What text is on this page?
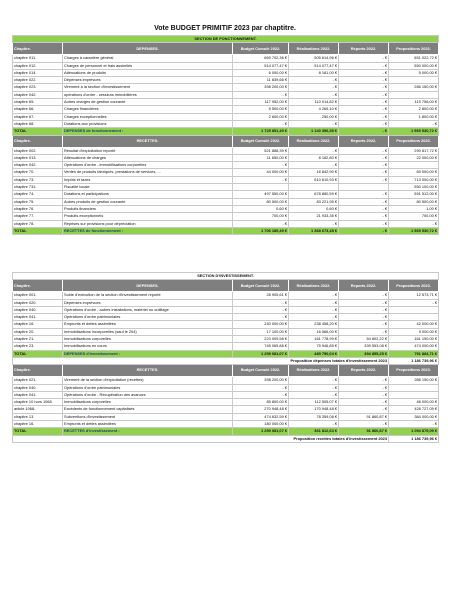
Vote BUDGET PRIMITIF 2023 par chaptitre.
SECTION DE FONCTIONNEMENT.					
Chapitre.	DEPENSES.	Budget Cumulé 2022.	Réalisations 2022.	Reports 2022.	Propositions 2023.
chapitre 011.	Charges à caractère général	669 702,36 €	505 614,96 €	- €	651 022,72 €
chapitre 012.	Charges de personnel et frais assimilés	514 077,47 €	514 077,47 €	- €	550 000,00 €
chapitre 014.	Atténuations de produits	6 000,00 €	8 181,00 €	- €	5 000,00 €
chapitre 022.	Dépenses imprévues	11 839,66 €	- €	- €	
chapitre 023.	Virement à la section d'investissement	398 200,00 €	- €	- €	286 150,00 €
chapitre 042.	opérations d'ordre - cessions immobilières	- €	- €	- €	
chapitre 65.	Autres charges de gestion courante	117 952,00 €	110 014,82 €	- €	119 758,00 €
chapitre 66.	Charges financières	5 500,00 €	4 269,10 €	- €	2 800,00 €
chapitre 67.	Charges exceptionnelles	2 600,00 €	250,00 €	- €	1 800,00 €
chapitre 68.	Dotations aux provisions	- €	- €	- €	- €
TOTAL	DEPENSES de fonctionnement :	1 725 851,49 €	1 140 356,35 €	- €	1 565 530,72 €
Chapitre.	RECETTES.	Budget Cumulé 2022.	Réalisations 2022.	Reports 2022.	Propositions 2023.
chapitre 002.	Résultat d'exploitation reporté	521 888,39 €	- €	- €	290 817,72 €
chapitre 013.	Atténuations de charges	11 650,00 €	8 182,80 €	- €	22 000,00 €
chapitre 042.	Opérations d'ordre - immobilisations corporelles	- €	- €	- €	
chapitre 70.	Ventes de produits fabriqués, prestations de services, ...	44 000,00 €	16 842,90 €	- €	69 000,00 €
chapitre 73.	Impôts et taxes	- €	610 610,93 €	- €	713 000,00 €
chapitre 731.	Fiscalité locale				550 100,00 €
chapitre 74.	Dotations et participations	497 550,00 €	678 880,59 €	- €	591 512,00 €
chapitre 75.	Autres produits de gestion courante	80 500,00 €	83 221,95 €	- €	80 500,00 €
chapitre 76.	Produits financiers	0,60 €	0,60 €	- €	1,00 €
chapitre 77.	Produits exceptionnels	700,00 €	21 933,35 €	- €	700,00 €
chapitre 78.	Reprises sur provisions pour dépréciation	- €	- €	- €	- €
TOTAL	RECETTES de fonctionnement :	1 706 189,49 €	1 368 673,48 €	- €	1 565 530,72 €
SECTION D'INVESTISSEMENT.					
Chapitre.	DEPENSES.	Budget Cumulé 2022.	Réalisations 2022.	Reports 2022.	Propositions 2023.
chapitre 001.	Solde d'exécution de la section d'investissement reporté	28 905,61 €	- €	- €	12 573,71 €
chapitre 020.	Dépenses imprévues	- €	- €	- €	- €
chapitre 040.	Opérations d'ordre - autres installations, matériel ou outillage	- €	- €	- €	
chapitre 041.	Opérations d'ordre patrimoniales	- €	- €	- €	
chapitre 16.	Emprunts et dettes assimilées	240 000,00 €	238 458,20 €	- €	42 000,00 €
chapitre 20.	Immobilisations incorporelles (sauf le 204)	17 100,00 €	16 566,00 €	- €	9 000,00 €
chapitre 21.	Immobilisations corporelles	223 009,58 €	161 778,99 €	54 802,22 €	161 150,00 €
chapitre 23.	Immobilisations en cours	745 065,88 €	75 946,85 €	339 553,08 €	474 000,00 €
TOTAL	DEPENSES d'investissement :	1 259 081,07 €	489 750,04 €	394 855,25 €	791 884,71 €
Proposition dépenses totales d'investissement 2023					1 186 739,96 €
Chapitre.	RECETTES.	Budget Cumulé 2022.	Réalisations 2022.	Reports 2022.	Propositions 2023.
chapitre 021.	Virement de la section d'exploitation (recettes)	398 200,00 €	- €	- €	286 150,00 €
chapitre 040.	Opérations d'ordre patrimoniales	- €	- €	- €	
chapitre 041.	Opérations d'ordre - Récupération des avances	- €	- €	- €	
chapitre 10 hors 1068	Immobilisations corporelles	85 800,00 €	112 505,07 €	- €	46 000,00 €
article 1068.	Excédents de fonctionnement capitalisés	270 948,48 €	170 948,48 €	- €	428 727,09 €
chapitre 13.	Subventions d'investissement	474 632,59 €	78 359,08 €	91 860,87 €	384 000,00 €
chapitre 16.	Emprunts et dettes assimilées	180 000,00 €	- €	- €	- €
TOTAL	RECETTES d'investissement :	1 259 081,07 €	361 812,63 €	91 860,87 €	1 094 879,09 €
Proposition recettes totales d'investissement 2023					1 186 739,96 €
